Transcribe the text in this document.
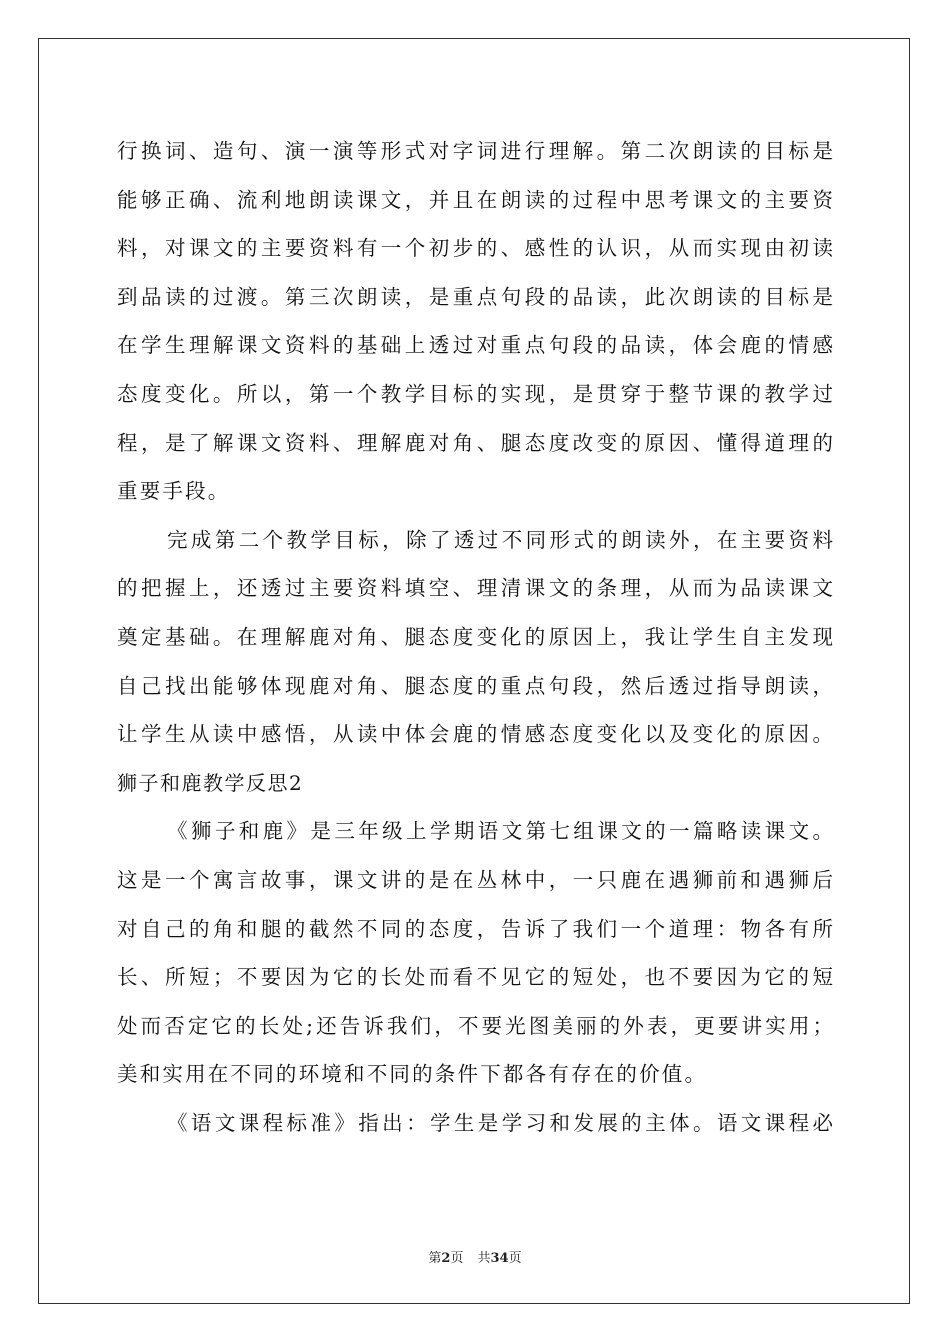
行换词、造句、演一演等形式对字词进行理解。第二次朗读的目标是
能够正确、流利地朗读课文，并且在朗读的过程中思考课文的主要资
料，对课文的主要资料有一个初步的、感性的认识，从而实现由初读
到品读的过渡。第三次朗读，是重点句段的品读，此次朗读的目标是
在学生理解课文资料的基础上透过对重点句段的品读，体会鹿的情感
态度变化。所以，第一个教学目标的实现，是贯穿于整节课的教学过
程，是了解课文资料、理解鹿对角、腿态度改变的原因、懂得道理的
重要手段。
完成第二个教学目标，除了透过不同形式的朗读外，在主要资料
的把握上，还透过主要资料填空、理清课文的条理，从而为品读课文
奠定基础。在理解鹿对角、腿态度变化的原因上，我让学生自主发现
自己找出能够体现鹿对角、腿态度的重点句段，然后透过指导朗读，
让学生从读中感悟，从读中体会鹿的情感态度变化以及变化的原因。
狮子和鹿教学反思2
《狮子和鹿》是三年级上学期语文第七组课文的一篇略读课文。
这是一个寓言故事，课文讲的是在丛林中，一只鹿在遇狮前和遇狮后
对自己的角和腿的截然不同的态度，告诉了我们一个道理：物各有所
长、所短；不要因为它的长处而看不见它的短处，也不要因为它的短
处而否定它的长处;还告诉我们，不要光图美丽的外表，更要讲实用；
美和实用在不同的环境和不同的条件下都各有存在的价值。
《语文课程标准》指出：学生是学习和发展的主体。语文课程必
第2页 共34页
